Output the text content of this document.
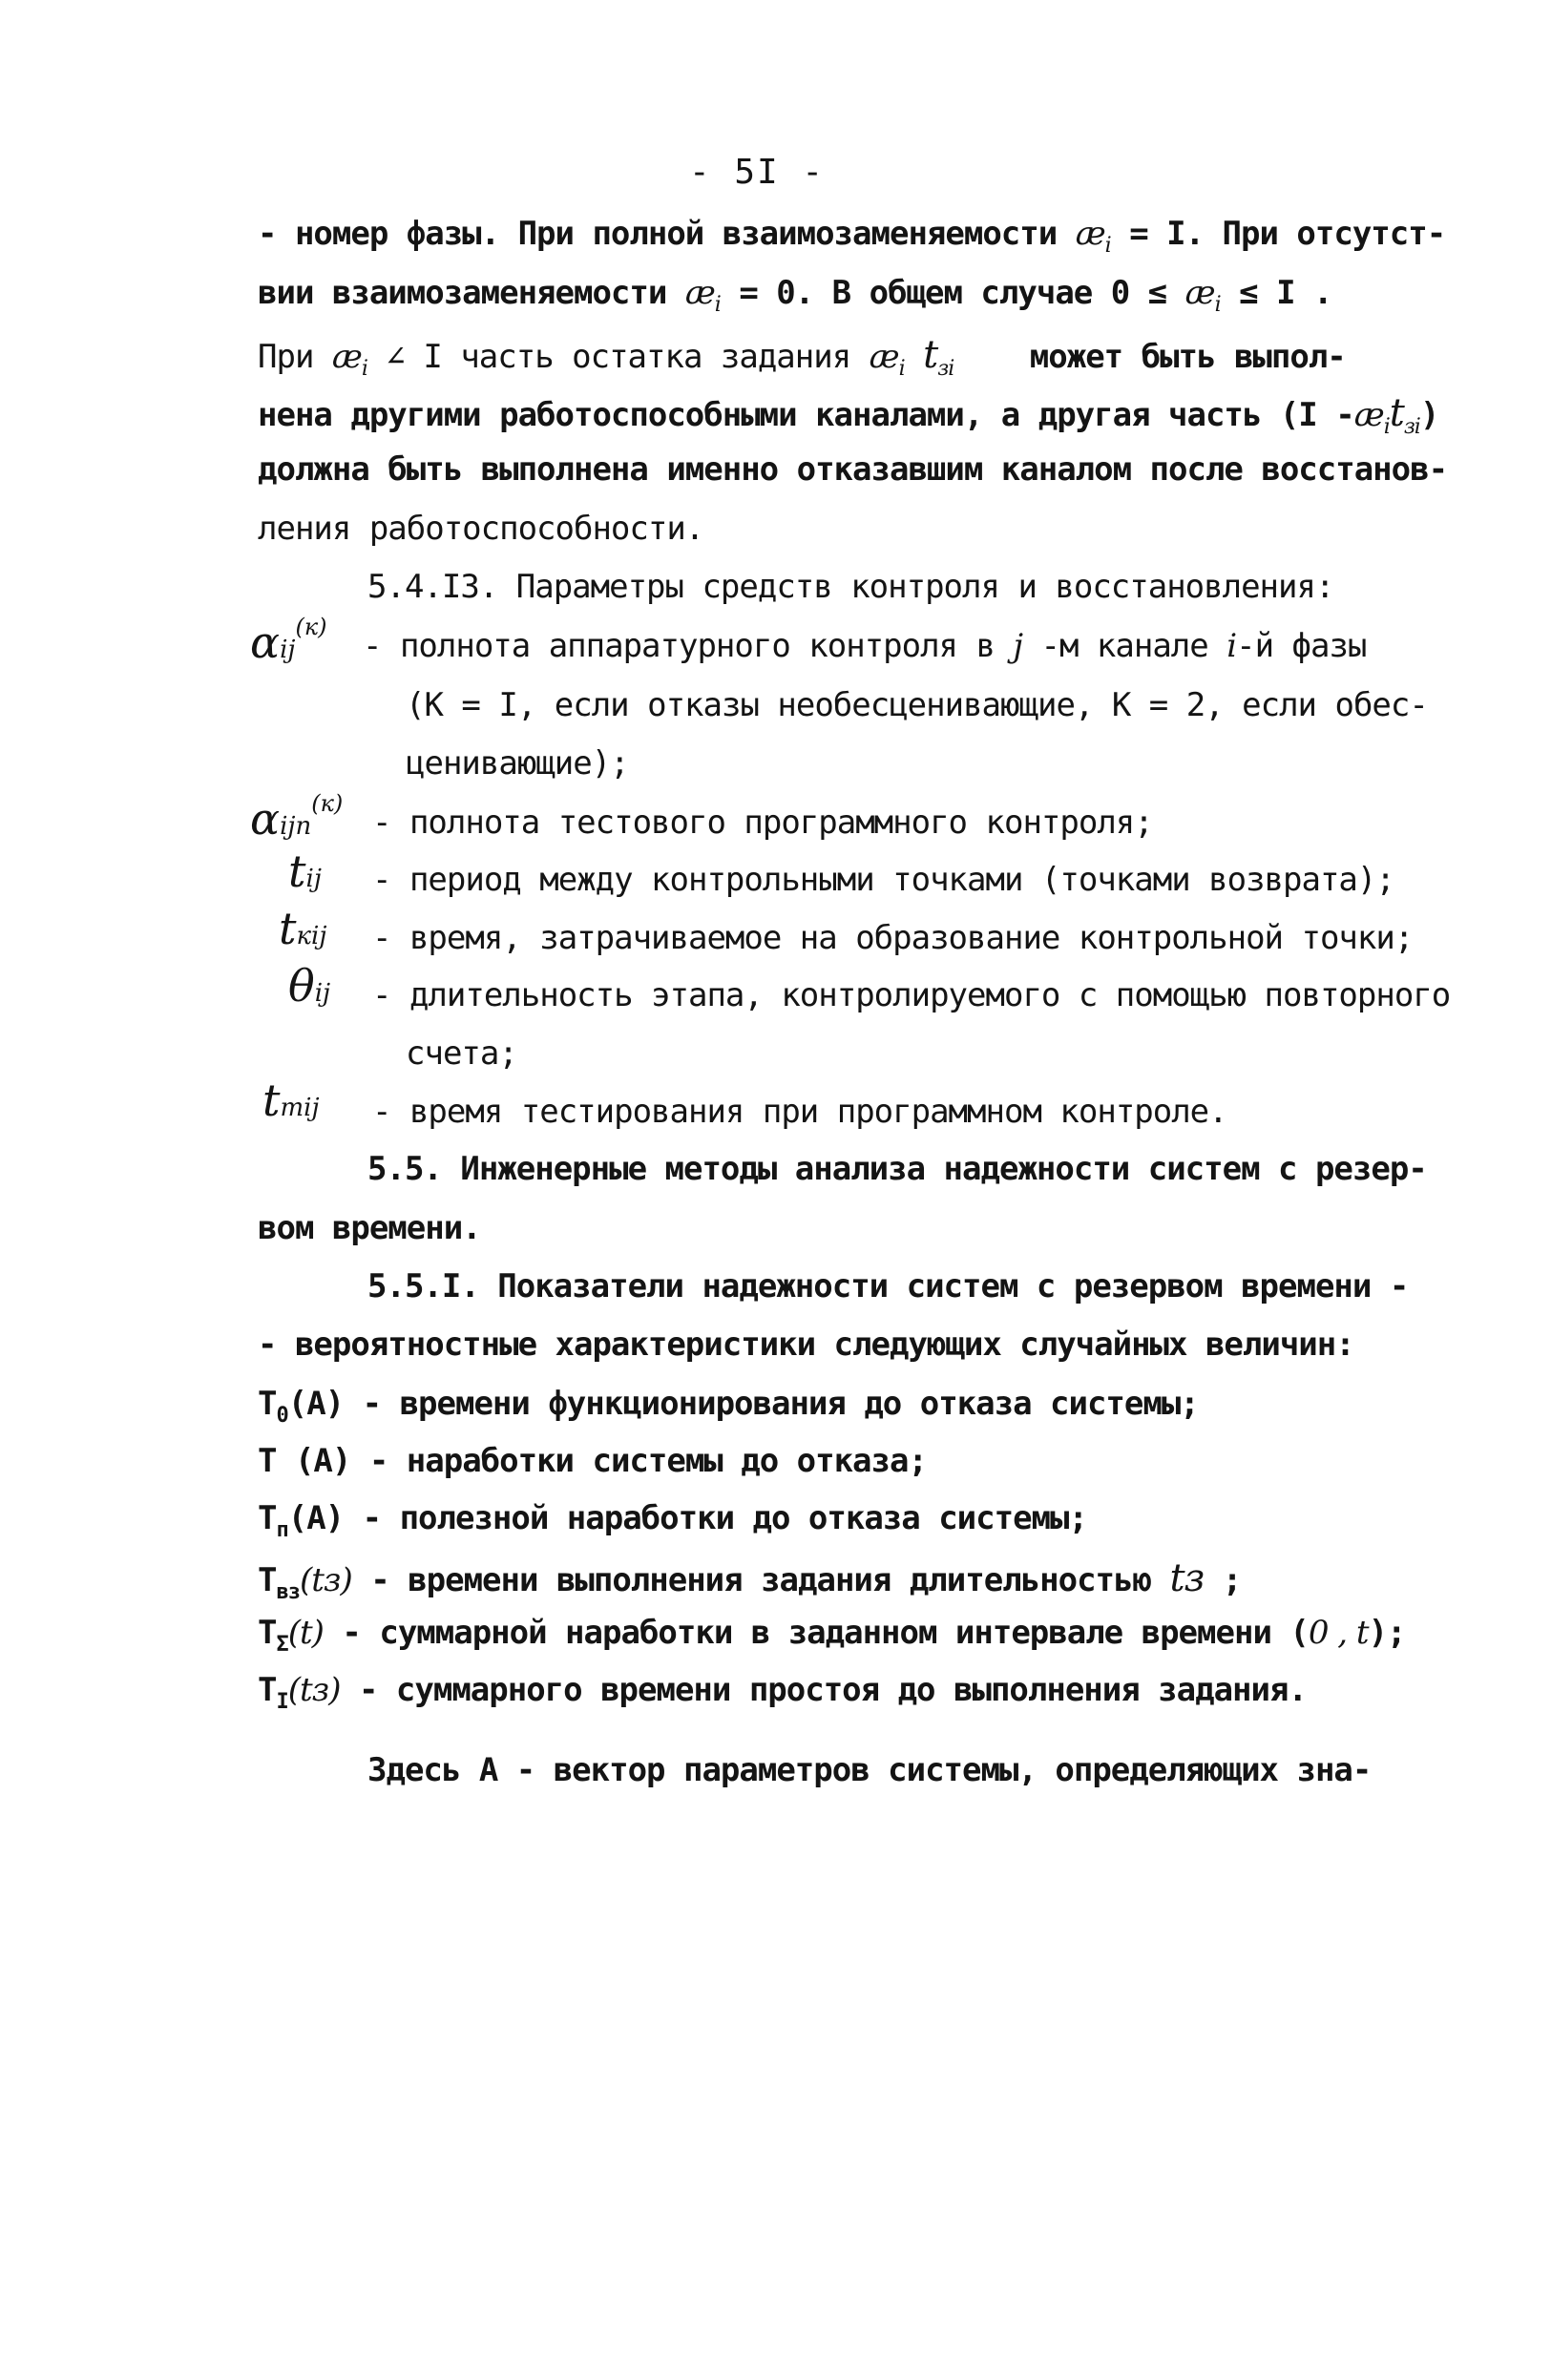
- 5I -
- номер фазы. При полной взаимозаменяемости $æ_i = I$. При отсутст-
вии взаимозаменяемости $æ_i = 0$. В общем случае $0 \le æ_i \le I$ .
При $æ_i$ ∠ I часть остатка задания $æ_i$ $t_{зi}$ может быть выпол-
нена другими работоспособными каналами, а другая часть (I $-æ_it_{зi}$)
должна быть выполнена именно отказавшим каналом после восстанов-
ления работоспособности.
5.4.I3. Параметры средств контроля и восстановления:
αij$^{(к)}$ - полнота аппаратурного контроля в j -м канале i-й фазы
(К = I, если отказы необесценивающие, К = 2, если обес-
ценивающие);
αijп$^{(к)}$ - полнота тестового программного контроля;
tij - период между контрольными точками (точками возврата);
tкij - время, затрачиваемое на образование контрольной точки;
θij - длительность этапа, контролируемого с помощью повторного
счета;
tтij - время тестирования при программном контроле.
5.5. Инженерные методы анализа надежности систем с резер-
вом времени.
5.5.I. Показатели надежности систем с резервом времени -
- вероятностные характеристики следующих случайных величин:
$T_0(A)$ - времени функционирования до отказа системы;
T (A) - наработки системы до отказа;
$T_п(A)$ - полезной наработки до отказа системы;
$T_{вз}(tз)$ - времени выполнения задания длительностью tз ;
$T_\Sigma(t)$ - суммарной наработки в заданном интервале времени (0 , t);
$T_I(tз)$ - суммарного времени простоя до выполнения задания.
Здесь А - вектор параметров системы, определяющих зна-
